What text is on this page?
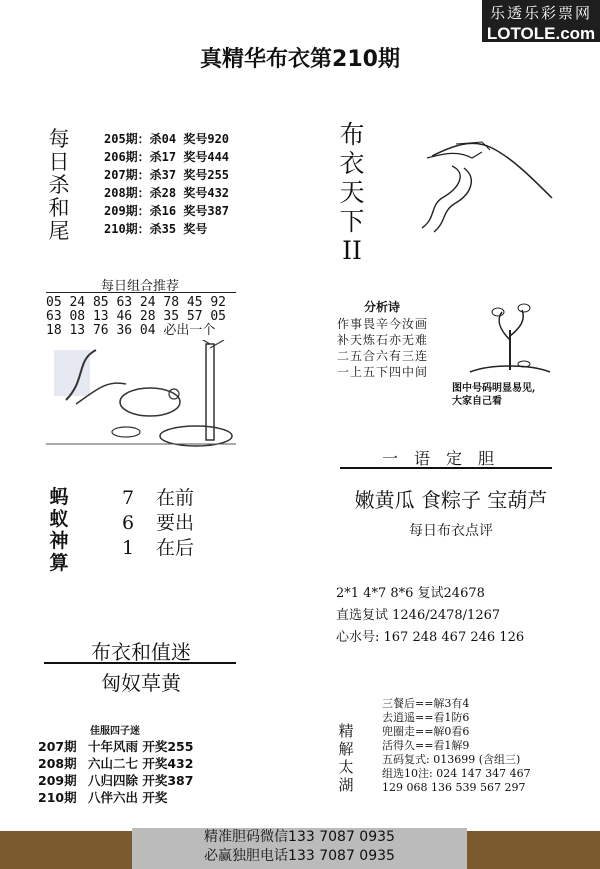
乐透乐彩票网
LOTOLE.com
真精华布衣第210期
每
日
杀
和
尾
205期：杀04 奖号920
206期：杀17 奖号444
207期：杀37 奖号255
208期：杀28 奖号432
209期：杀16 奖号387
210期：杀35 奖号
布
衣
天
下
II
每日组合推荐
05 24 85 63 24 78 45 92
63 08 13 46 28 35 57 05
18 13 76 36 04 必出一个
分析诗
作事畏辛今汝画
补天炼石亦无难
二五合六有三连
一上五下四中间
图中号码明显易见,
大家自己看
一语定胆
嫩黄瓜 食粽子 宝葫芦
每日布衣点评
蚂
蚁
神
算
7 在前
6 要出
1 在后
2*1 4*7 8*6 复试24678
直选复试 1246/2478/1267
心水号: 167 248 467 246 126
布衣和值迷
匈奴草黄
佳服四子迷
207期 十年风雨 开奖255
208期 六山二七 开奖432
209期 八归四除 开奖387
210期 八伴六出 开奖
精
解
太
湖
三餐后==解3有4
去逍遥==看1防6
兜圈走==解0看6
活得久==看1解9
五码复式: 013699 (含组三)
组选10注: 024 147 347 467
129 068 136 539 567 297
精准胆码微信133 7087 0935
必赢独胆电话133 7087 0935
